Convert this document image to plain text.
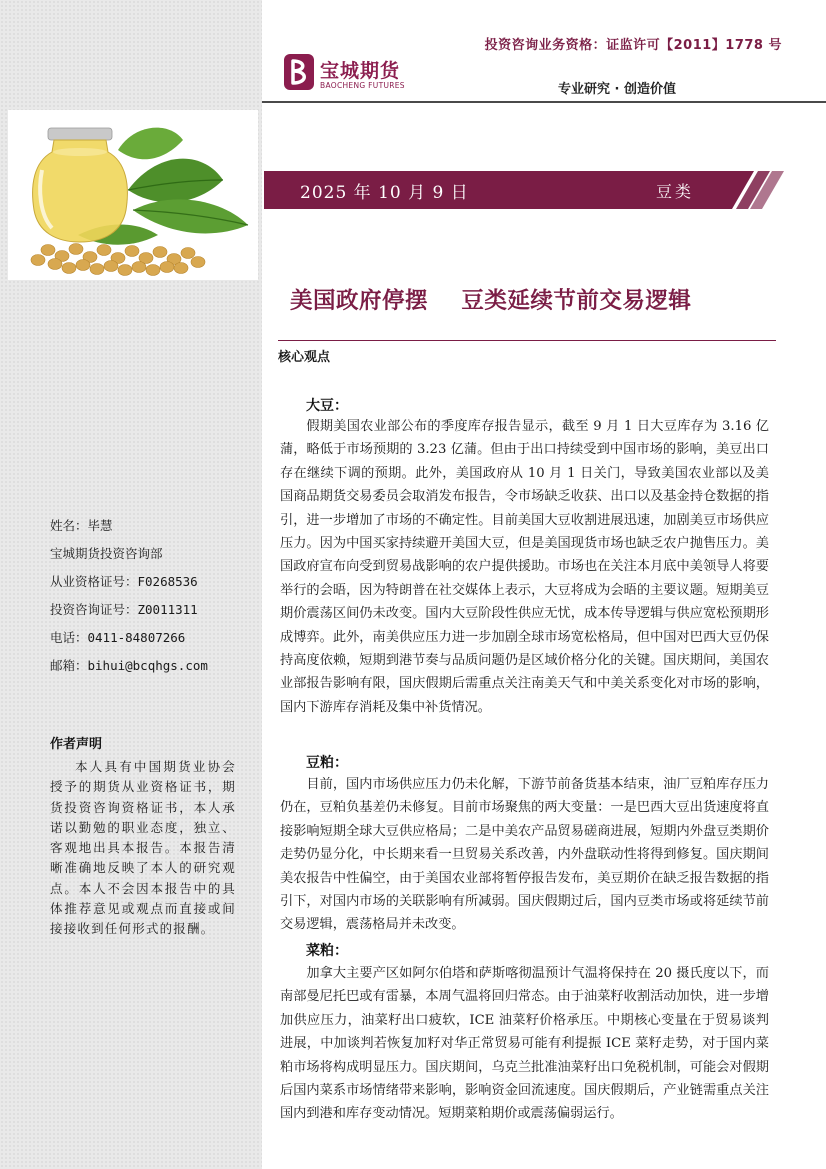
投资咨询业务资格：证监许可【2011】1778 号
宝城期货
BAOCHENG FUTURES	专业研究 · 创造价值
2025 年 10 月 9 日	豆类
美国政府停摆    豆类延续节前交易逻辑
核心观点
大豆：

假期美国农业部公布的季度库存报告显示，截至 9 月 1 日大豆库存为 3.16 亿蒲，略低于市场预期的 3.23 亿蒲。但由于出口持续受到中国市场的影响，美豆出口存在继续下调的预期。此外，美国政府从 10 月 1 日关门，导致美国农业部以及美国商品期货交易委员会取消发布报告，令市场缺乏收获、出口以及基金持仓数据的指引，进一步增加了市场的不确定性。目前美国大豆收割进展迅速，加剧美豆市场供应压力。因为中国买家持续避开美国大豆，但是美国现货市场也缺乏农户抛售压力。美国政府宣布向受到贸易战影响的农户提供援助。市场也在关注本月底中美领导人将要举行的会晤，因为特朗普在社交媒体上表示，大豆将成为会晤的主要议题。短期美豆期价震荡区间仍未改变。国内大豆阶段性供应无忧，成本传导逻辑与供应宽松预期形成博弈。此外，南美供应压力进一步加剧全球市场宽松格局，但中国对巴西大豆仍保持高度依赖，短期到港节奏与品质问题仍是区域价格分化的关键。国庆期间，美国农业部报告影响有限，国庆假期后需重点关注南美天气和中美关系变化对市场的影响，国内下游库存消耗及集中补货情况。

豆粕：

目前，国内市场供应压力仍未化解，下游节前备货基本结束，油厂豆粕库存压力仍在，豆粕负基差仍未修复。目前市场聚焦的两大变量：一是巴西大豆出货速度将直接影响短期全球大豆供应格局；二是中美农产品贸易磋商进展，短期内外盘豆类期价走势仍显分化，中长期来看一旦贸易关系改善，内外盘联动性将得到修复。国庆期间美农报告中性偏空，由于美国农业部将暂停报告发布，美豆期价在缺乏报告数据的指引下，对国内市场的关联影响有所减弱。国庆假期过后，国内豆类市场或将延续节前交易逻辑，震荡格局并未改变。

菜粕：

加拿大主要产区如阿尔伯塔和萨斯喀彻温预计气温将保持在 20 摄氏度以下，而南部曼尼托巴或有雷暴，本周气温将回归常态。由于油菜籽收割活动加快，进一步增加供应压力，油菜籽出口疲软，ICE 油菜籽价格承压。中期核心变量在于贸易谈判进展，中加谈判若恢复加籽对华正常贸易可能有利提振 ICE 菜籽走势，对于国内菜粕市场将构成明显压力。国庆期间，乌克兰批准油菜籽出口免税机制，可能会对假期后国内菜系市场情绪带来影响，影响资金回流速度。国庆假期后，产业链需重点关注国内到港和库存变动情况。短期菜粕期价或震荡偏弱运行。

姓名：毕慧
宝城期货投资咨询部
从业资格证号：F0268536
投资咨询证号：Z0011311
电话：0411-84807266
邮箱：bihui@bcqhgs.com
作者声明

本人具有中国期货业协会授予的期货从业资格证书，期货投资咨询资格证书，本人承诺以勤勉的职业态度，独立、客观地出具本报告。本报告清晰准确地反映了本人的研究观点。本人不会因本报告中的具体推荐意见或观点而直接或间接接收到任何形式的报酬。
